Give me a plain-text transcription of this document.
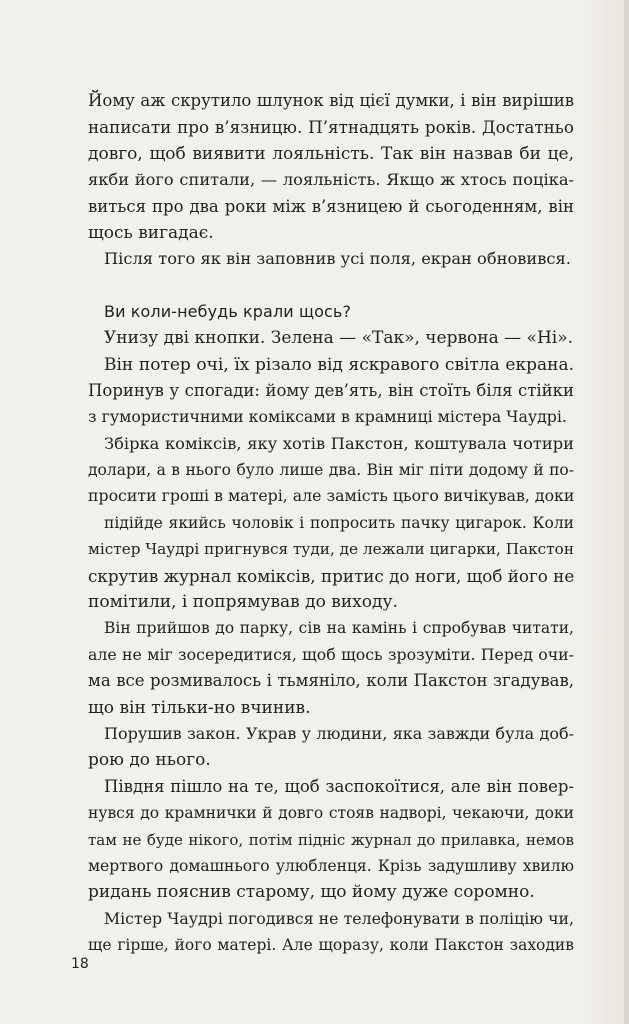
Йому аж скрутило шлунок від цієї думки, і він вирішив
написати про в’язницю. П’ятнадцять років. Достатньо
довго, щоб виявити лояльність. Так він назвав би це,
якби його спитали, — лояльність. Якщо ж хтось поціка-
виться про два роки між в’язницею й сьогоденням, він
щось вигадає.
Після того як він заповнив усі поля, екран обновився.
Ви коли-небудь крали щось?
Унизу дві кнопки. Зелена — «Так», червона — «Ні».
Він потер очі, їх різало від яскравого світла екрана.
Поринув у спогади: йому дев’ять, він стоїть біля стійки
з гумористичними коміксами в крамниці містера Чаудрі.
Збірка коміксів, яку хотів Пакстон, коштувала чотири
долари, а в нього було лише два. Він міг піти додому й по-
просити гроші в матері, але замість цього вичікував, доки
підійде якийсь чоловік і попросить пачку цигарок. Коли
містер Чаудрі пригнувся туди, де лежали цигарки, Пакстон
скрутив журнал коміксів, притис до ноги, щоб його не
помітили, і попрямував до виходу.
Він прийшов до парку, сів на камінь і спробував читати,
але не міг зосередитися, щоб щось зрозуміти. Перед очи-
ма все розмивалось і тьмяніло, коли Пакстон згадував,
що він тільки-но вчинив.
Порушив закон. Украв у людини, яка завжди була доб-
рою до нього.
Півдня пішло на те, щоб заспокоїтися, але він повер-
нувся до крамнички й довго стояв надворі, чекаючи, доки
там не буде нікого, потім підніс журнал до прилавка, немов
мертвого домашнього улюбленця. Крізь задушливу хвилю
ридань пояснив старому, що йому дуже соромно.
Містер Чаудрі погодився не телефонувати в поліцію чи,
ще гірше, його матері. Але щоразу, коли Пакстон заходив
18
